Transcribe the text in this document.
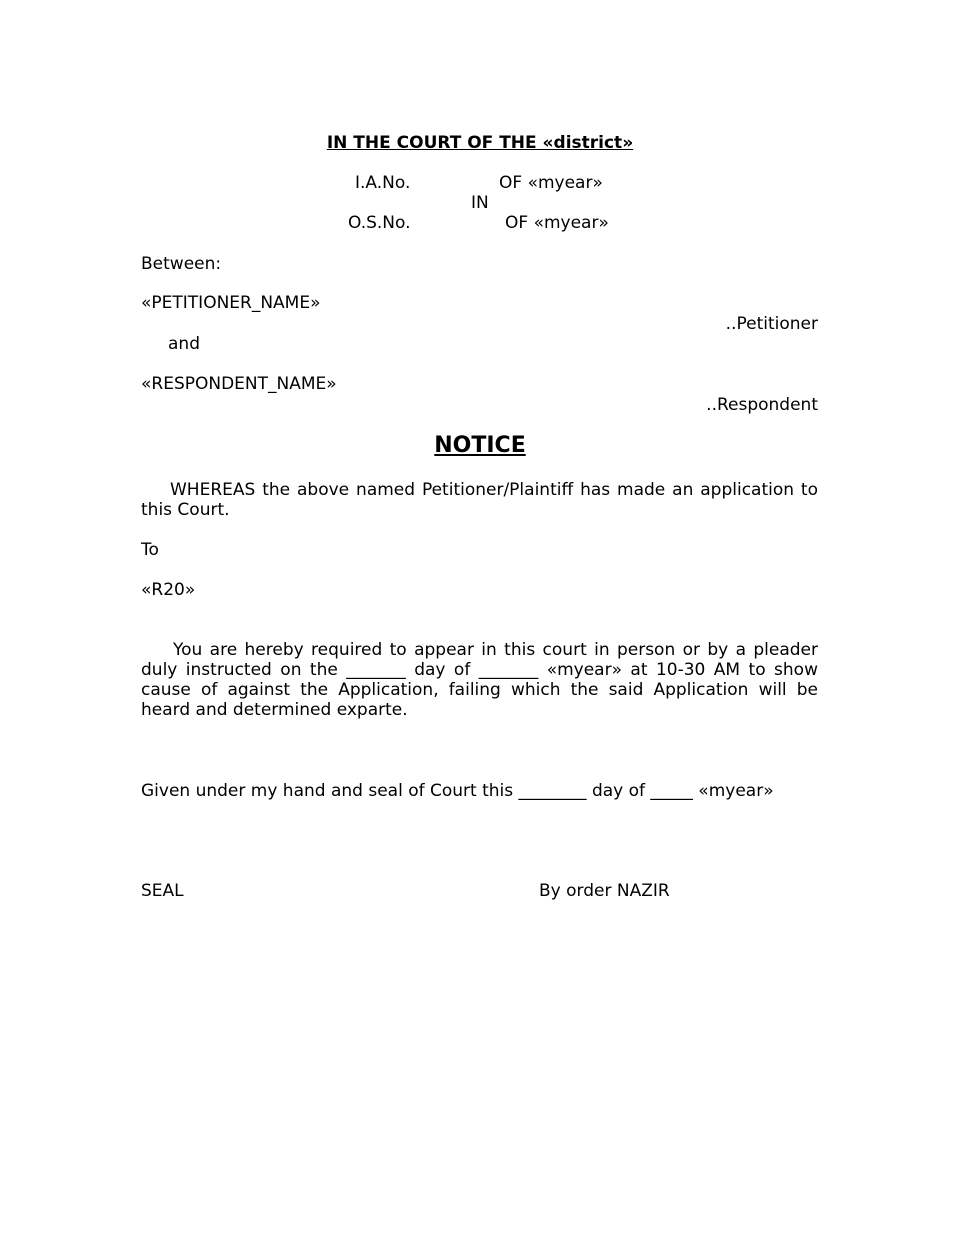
IN THE COURT OF THE «district»
I.A.No.	OF «myear»
IN
O.S.No.	OF «myear»
Between:
«PETITIONER_NAME»
..Petitioner
and
«RESPONDENT_NAME»
..Respondent
NOTICE
WHEREAS the above named Petitioner/Plaintiff has made an application to this Court.
To
«R20»
You are hereby required to appear in this court in person or by a pleader duly instructed on the _______ day of _______ «myear» at 10-30 AM to show cause of against the Application, failing which the said Application will be heard and determined exparte.
Given under my hand and seal of Court this ________ day of _____ «myear»
SEAL	By order NAZIR
